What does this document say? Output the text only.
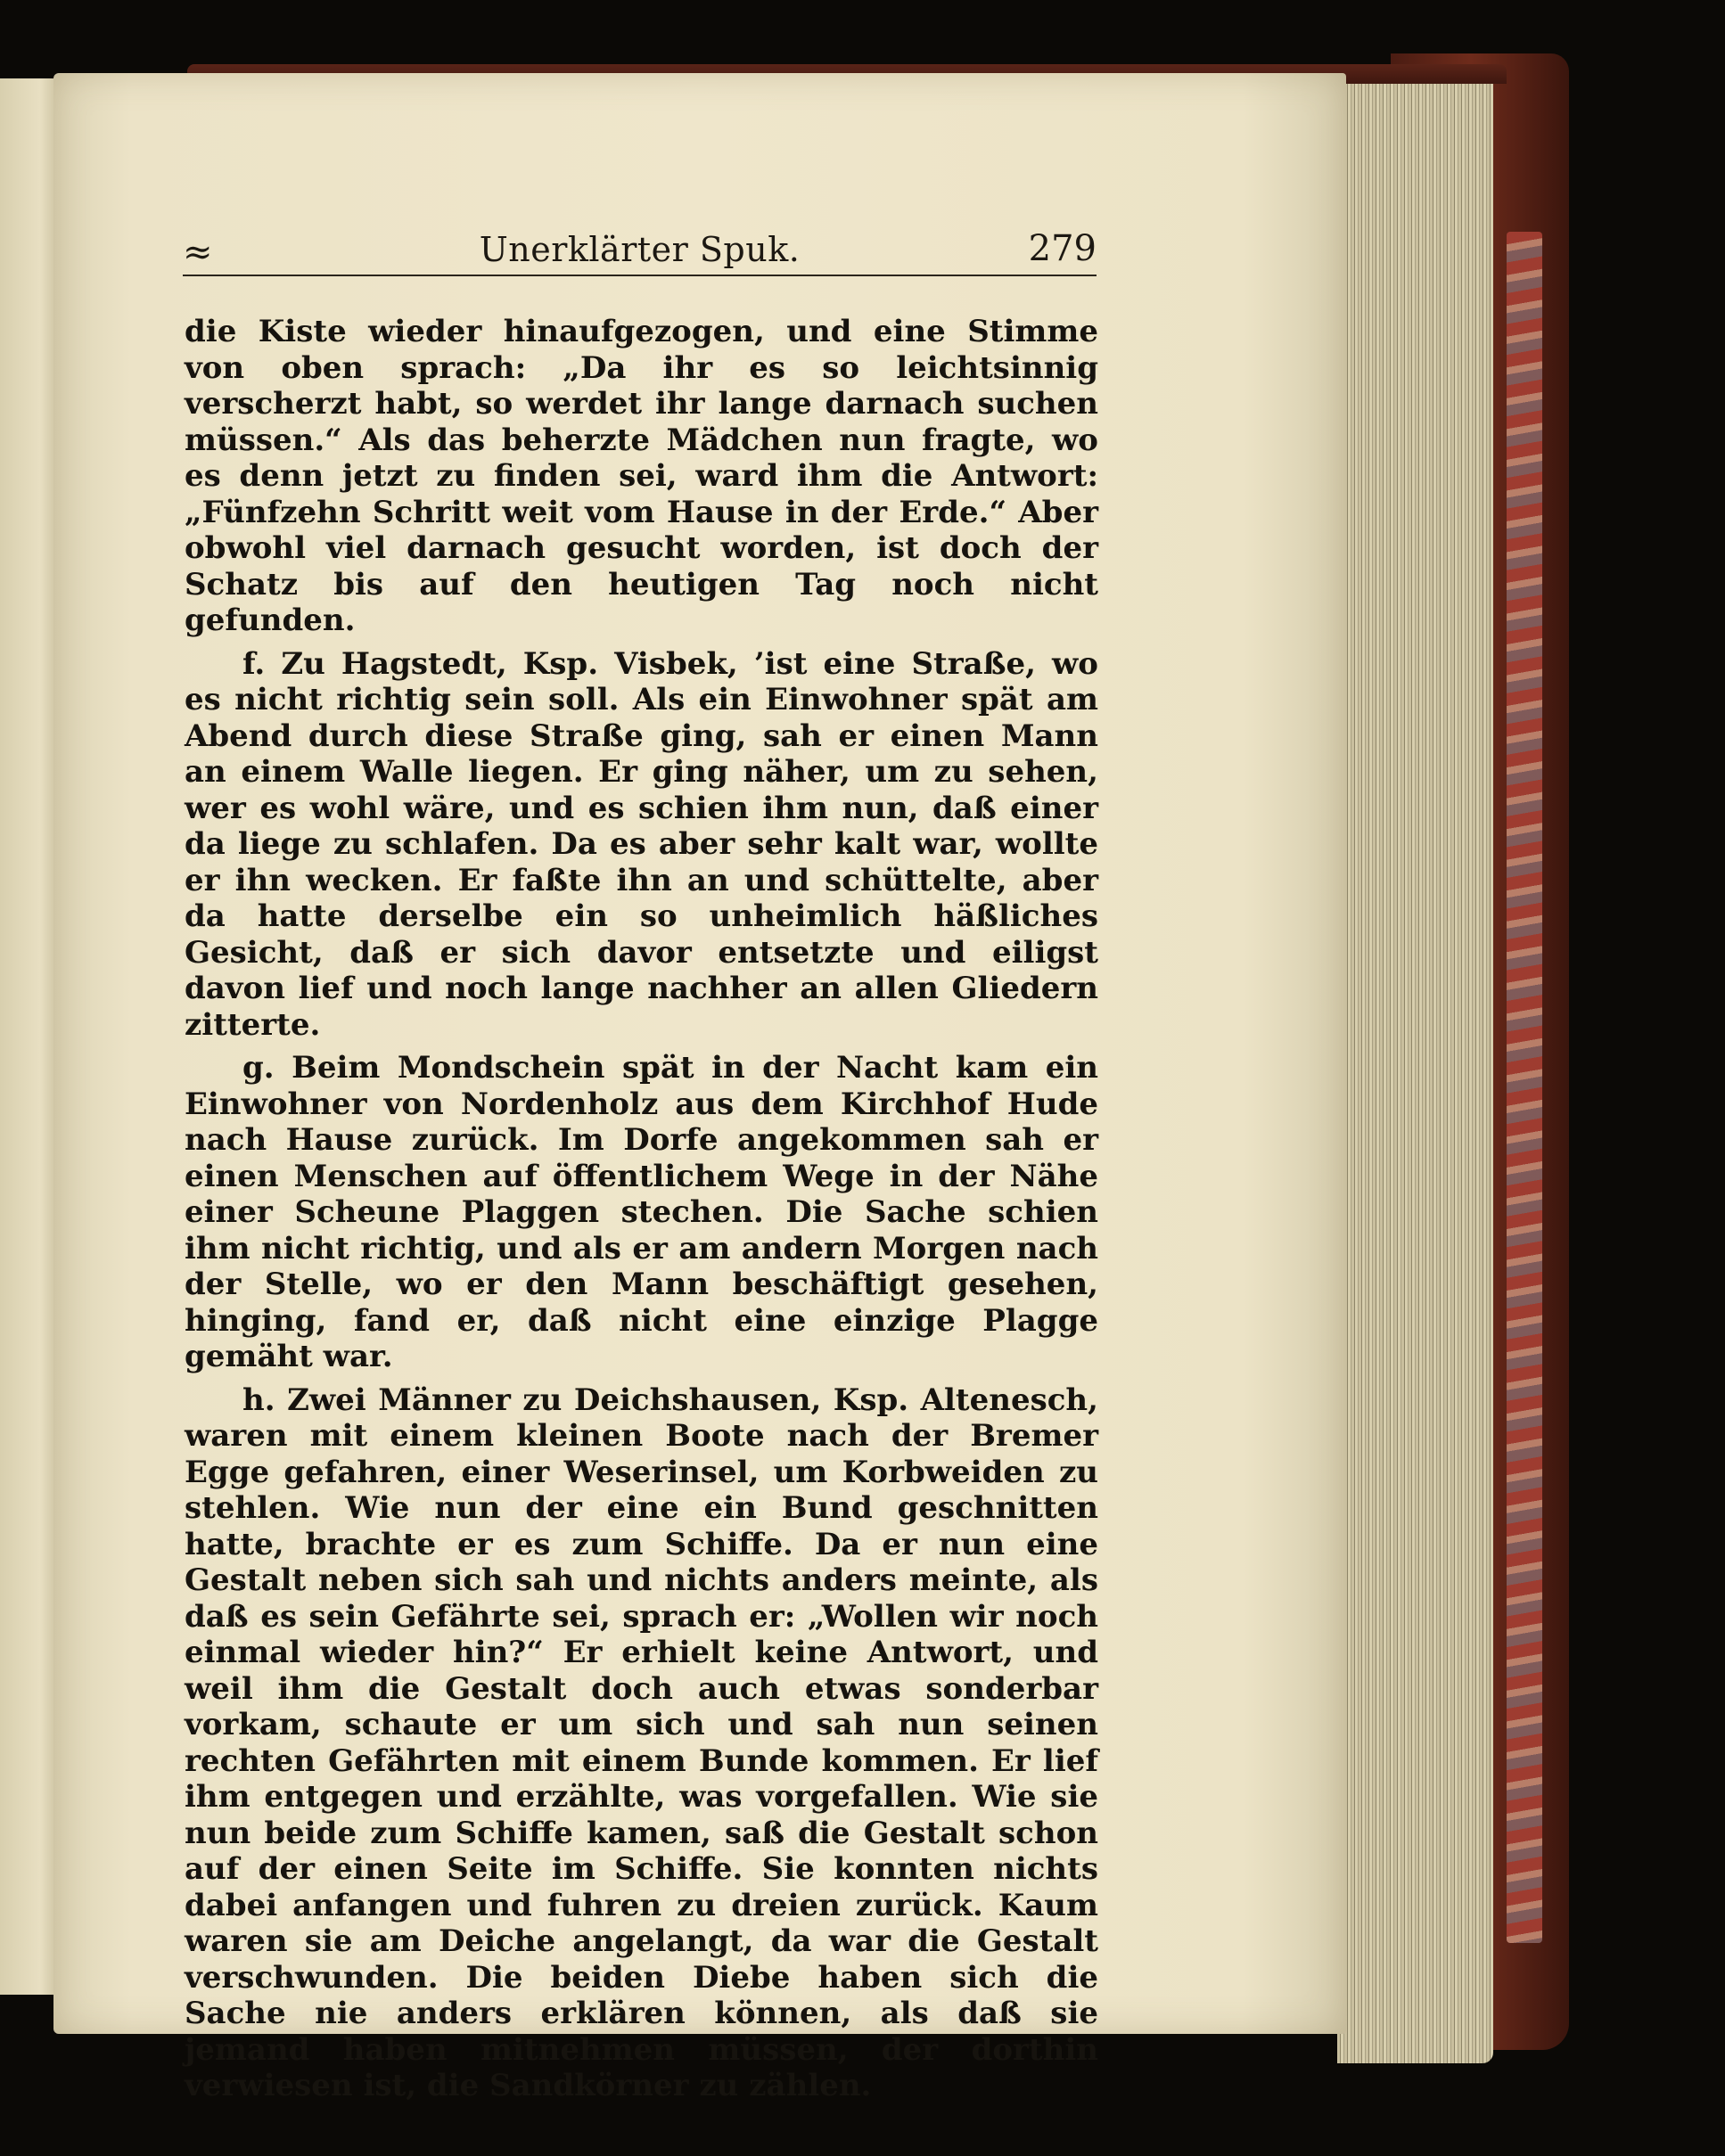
≈	Unerklärter Spuk.	279

die Kiste wieder hinaufgezogen, und eine Stimme von oben sprach: „Da ihr es so leichtsinnig verscherzt habt, so werdet ihr lange darnach suchen müssen.“ Als das beherzte Mädchen nun fragte, wo es denn jetzt zu finden sei, ward ihm die Antwort: „Fünfzehn Schritt weit vom Hause in der Erde.“ Aber obwohl viel darnach gesucht worden, ist doch der Schatz bis auf den heutigen Tag noch nicht gefunden.

f. Zu Hagstedt, Ksp. Visbek, ’ist eine Straße, wo es nicht richtig sein soll. Als ein Einwohner spät am Abend durch diese Straße ging, sah er einen Mann an einem Walle liegen. Er ging näher, um zu sehen, wer es wohl wäre, und es schien ihm nun, daß einer da liege zu schlafen. Da es aber sehr kalt war, wollte er ihn wecken. Er faßte ihn an und schüttelte, aber da hatte derselbe ein so unheimlich häßliches Gesicht, daß er sich davor entsetzte und eiligst davon lief und noch lange nachher an allen Gliedern zitterte.

g. Beim Mondschein spät in der Nacht kam ein Einwohner von Nordenholz aus dem Kirchhof Hude nach Hause zurück. Im Dorfe angekommen sah er einen Menschen auf öffentlichem Wege in der Nähe einer Scheune Plaggen stechen. Die Sache schien ihm nicht richtig, und als er am andern Morgen nach der Stelle, wo er den Mann beschäftigt gesehen, hinging, fand er, daß nicht eine einzige Plagge gemäht war.

h. Zwei Männer zu Deichshausen, Ksp. Altenesch, waren mit einem kleinen Boote nach der Bremer Egge gefahren, einer Weserinsel, um Korbweiden zu stehlen. Wie nun der eine ein Bund geschnitten hatte, brachte er es zum Schiffe. Da er nun eine Gestalt neben sich sah und nichts anders meinte, als daß es sein Gefährte sei, sprach er: „Wollen wir noch einmal wieder hin?“ Er erhielt keine Antwort, und weil ihm die Gestalt doch auch etwas sonderbar vorkam, schaute er um sich und sah nun seinen rechten Gefährten mit einem Bunde kommen. Er lief ihm entgegen und erzählte, was vorgefallen. Wie sie nun beide zum Schiffe kamen, saß die Gestalt schon auf der einen Seite im Schiffe. Sie konnten nichts dabei anfangen und fuhren zu dreien zurück. Kaum waren sie am Deiche angelangt, da war die Gestalt verschwunden. Die beiden Diebe haben sich die Sache nie anders erklären können, als daß sie jemand haben mitnehmen müssen, der dorthin verwiesen ist, die Sandkörner zu zählen.
